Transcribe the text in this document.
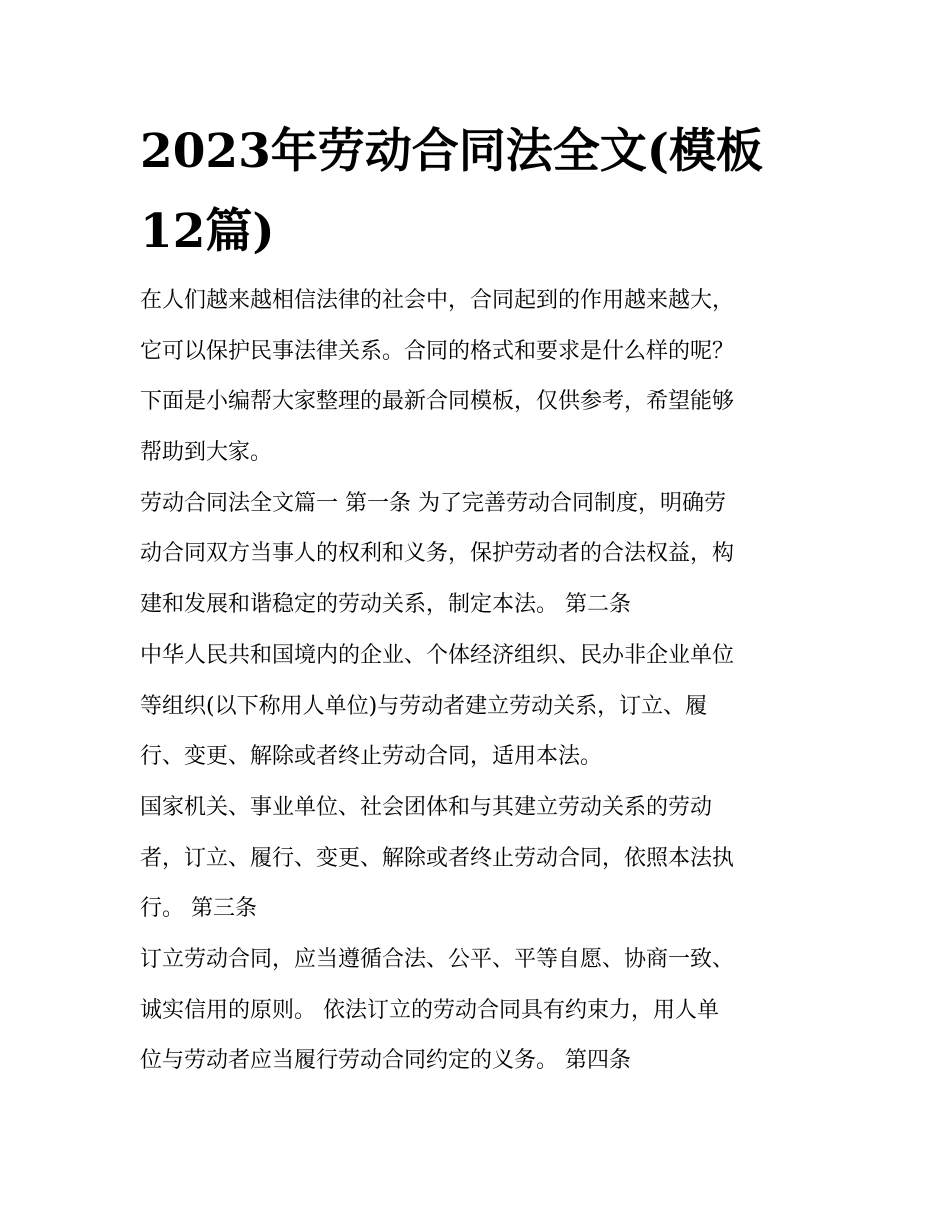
2023年劳动合同法全文(模板
12篇)
在人们越来越相信法律的社会中，合同起到的作用越来越大，
它可以保护民事法律关系。合同的格式和要求是什么样的呢？
下面是小编帮大家整理的最新合同模板，仅供参考，希望能够
帮助到大家。
劳动合同法全文篇一 第一条 为了完善劳动合同制度，明确劳
动合同双方当事人的权利和义务，保护劳动者的合法权益，构
建和发展和谐稳定的劳动关系，制定本法。 第二条
中华人民共和国境内的企业、个体经济组织、民办非企业单位
等组织(以下称用人单位)与劳动者建立劳动关系，订立、履
行、变更、解除或者终止劳动合同，适用本法。
国家机关、事业单位、社会团体和与其建立劳动关系的劳动
者，订立、履行、变更、解除或者终止劳动合同，依照本法执
行。 第三条
订立劳动合同，应当遵循合法、公平、平等自愿、协商一致、
诚实信用的原则。 依法订立的劳动合同具有约束力，用人单
位与劳动者应当履行劳动合同约定的义务。 第四条
